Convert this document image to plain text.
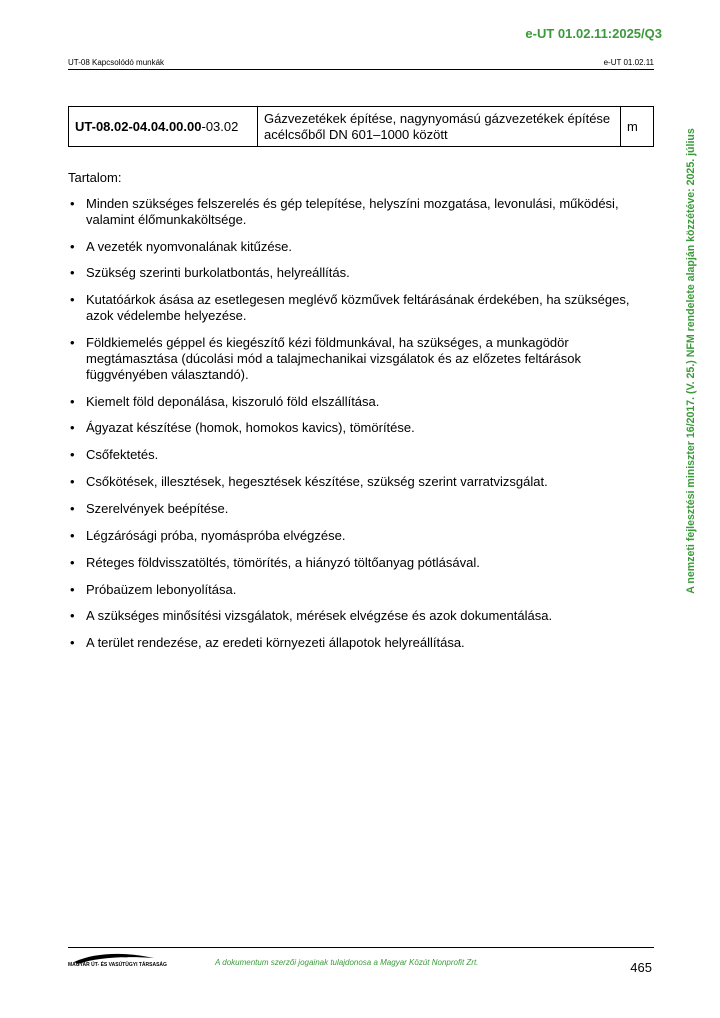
e-UT 01.02.11:2025/Q3
UT-08 Kapcsolódó munkák	e-UT 01.02.11
UT-08.02-04.04.00.00-03.02	Gázvezetékek építése, nagynyomású gázvezetékek építése acélcsőből DN 601–1000 között	m

Tartalom:

• Minden szükséges felszerelés és gép telepítése, helyszíni mozgatása, levonulási, működési, valamint élőmunkaköltsége.
• A vezeték nyomvonalának kitűzése.
• Szükség szerinti burkolatbontás, helyreállítás.
• Kutatóárkok ásása az esetlegesen meglévő közművek feltárásának érdekében, ha szükséges, azok védelembe helyezése.
• Földkiemelés géppel és kiegészítő kézi földmunkával, ha szükséges, a munkagödör megtámasztása (dúcolási mód a talajmechanikai vizsgálatok és az előzetes feltárások függvényében választandó).
• Kiemelt föld deponálása, kiszoruló föld elszállítása.
• Ágyazat készítése (homok, homokos kavics), tömörítése.
• Csőfektetés.
• Csőkötések, illesztések, hegesztések készítése, szükség szerint varratvizsgálat.
• Szerelvények beépítése.
• Légzárósági próba, nyomáspróba elvégzése.
• Réteges földvisszatöltés, tömörítés, a hiányzó töltőanyag pótlásával.
• Próbaüzem lebonyolítása.
• A szükséges minősítési vizsgálatok, mérések elvégzése és azok dokumentálása.
• A terület rendezése, az eredeti környezeti állapotok helyreállítása.
A nemzeti fejlesztési miniszter 16/2017. (V. 25.) NFM rendelete alapján közzétéve: 2025. július
MAGYAR ÚT- ÉS VASÚTÜGYI TÁRSASÁG	A dokumentum szerzői jogainak tulajdonosa a Magyar Közút Nonprofit Zrt.	465
